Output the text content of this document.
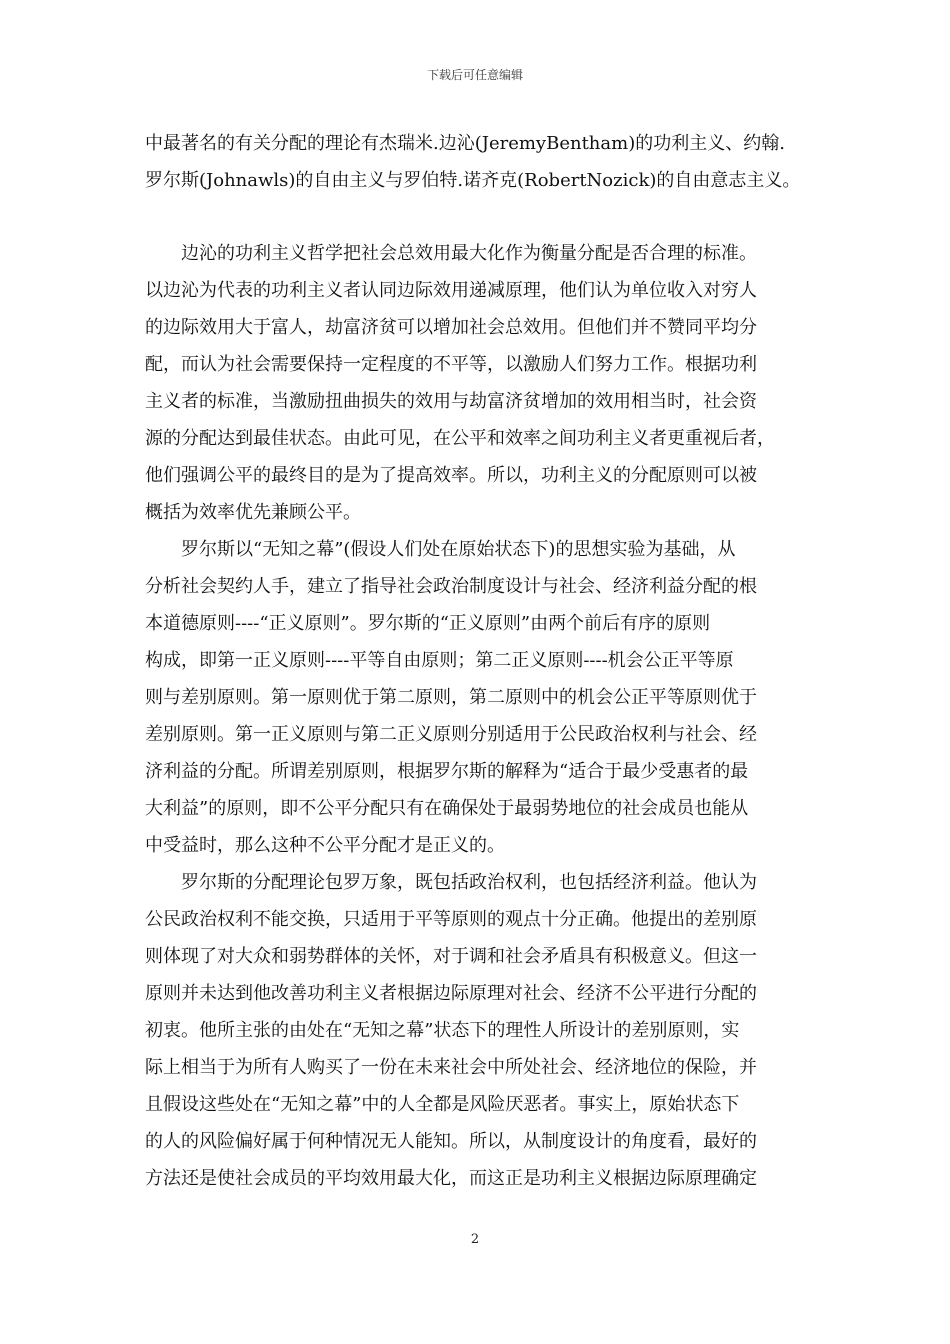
下载后可任意编辑
中最著名的有关分配的理论有杰瑞米.边沁(JeremyBentham)的功利主义、约翰.
罗尔斯(Johnawls)的自由主义与罗伯特.诺齐克(RobertNozick)的自由意志主义。
　　边沁的功利主义哲学把社会总效用最大化作为衡量分配是否合理的标准。
以边沁为代表的功利主义者认同边际效用递减原理，他们认为单位收入对穷人
的边际效用大于富人，劫富济贫可以增加社会总效用。但他们并不赞同平均分
配，而认为社会需要保持一定程度的不平等，以激励人们努力工作。根据功利
主义者的标准，当激励扭曲损失的效用与劫富济贫增加的效用相当时，社会资
源的分配达到最佳状态。由此可见，在公平和效率之间功利主义者更重视后者，
他们强调公平的最终目的是为了提高效率。所以，功利主义的分配原则可以被
概括为效率优先兼顾公平。
　　罗尔斯以“无知之幕”(假设人们处在原始状态下)的思想实验为基础，从
分析社会契约人手，建立了指导社会政治制度设计与社会、经济利益分配的根
本道德原则----“正义原则”。罗尔斯的“正义原则”由两个前后有序的原则
构成，即第一正义原则----平等自由原则；第二正义原则----机会公正平等原
则与差别原则。第一原则优于第二原则，第二原则中的机会公正平等原则优于
差别原则。第一正义原则与第二正义原则分别适用于公民政治权利与社会、经
济利益的分配。所谓差别原则，根据罗尔斯的解释为“适合于最少受惠者的最
大利益”的原则，即不公平分配只有在确保处于最弱势地位的社会成员也能从
中受益时，那么这种不公平分配才是正义的。
　　罗尔斯的分配理论包罗万象，既包括政治权利，也包括经济利益。他认为
公民政治权利不能交换，只适用于平等原则的观点十分正确。他提出的差别原
则体现了对大众和弱势群体的关怀，对于调和社会矛盾具有积极意义。但这一
原则并未达到他改善功利主义者根据边际原理对社会、经济不公平进行分配的
初衷。他所主张的由处在“无知之幕”状态下的理性人所设计的差别原则，实
际上相当于为所有人购买了一份在未来社会中所处社会、经济地位的保险，并
且假设这些处在“无知之幕”中的人全都是风险厌恶者。事实上，原始状态下
的人的风险偏好属于何种情况无人能知。所以，从制度设计的角度看，最好的
方法还是使社会成员的平均效用最大化，而这正是功利主义根据边际原理确定
2
